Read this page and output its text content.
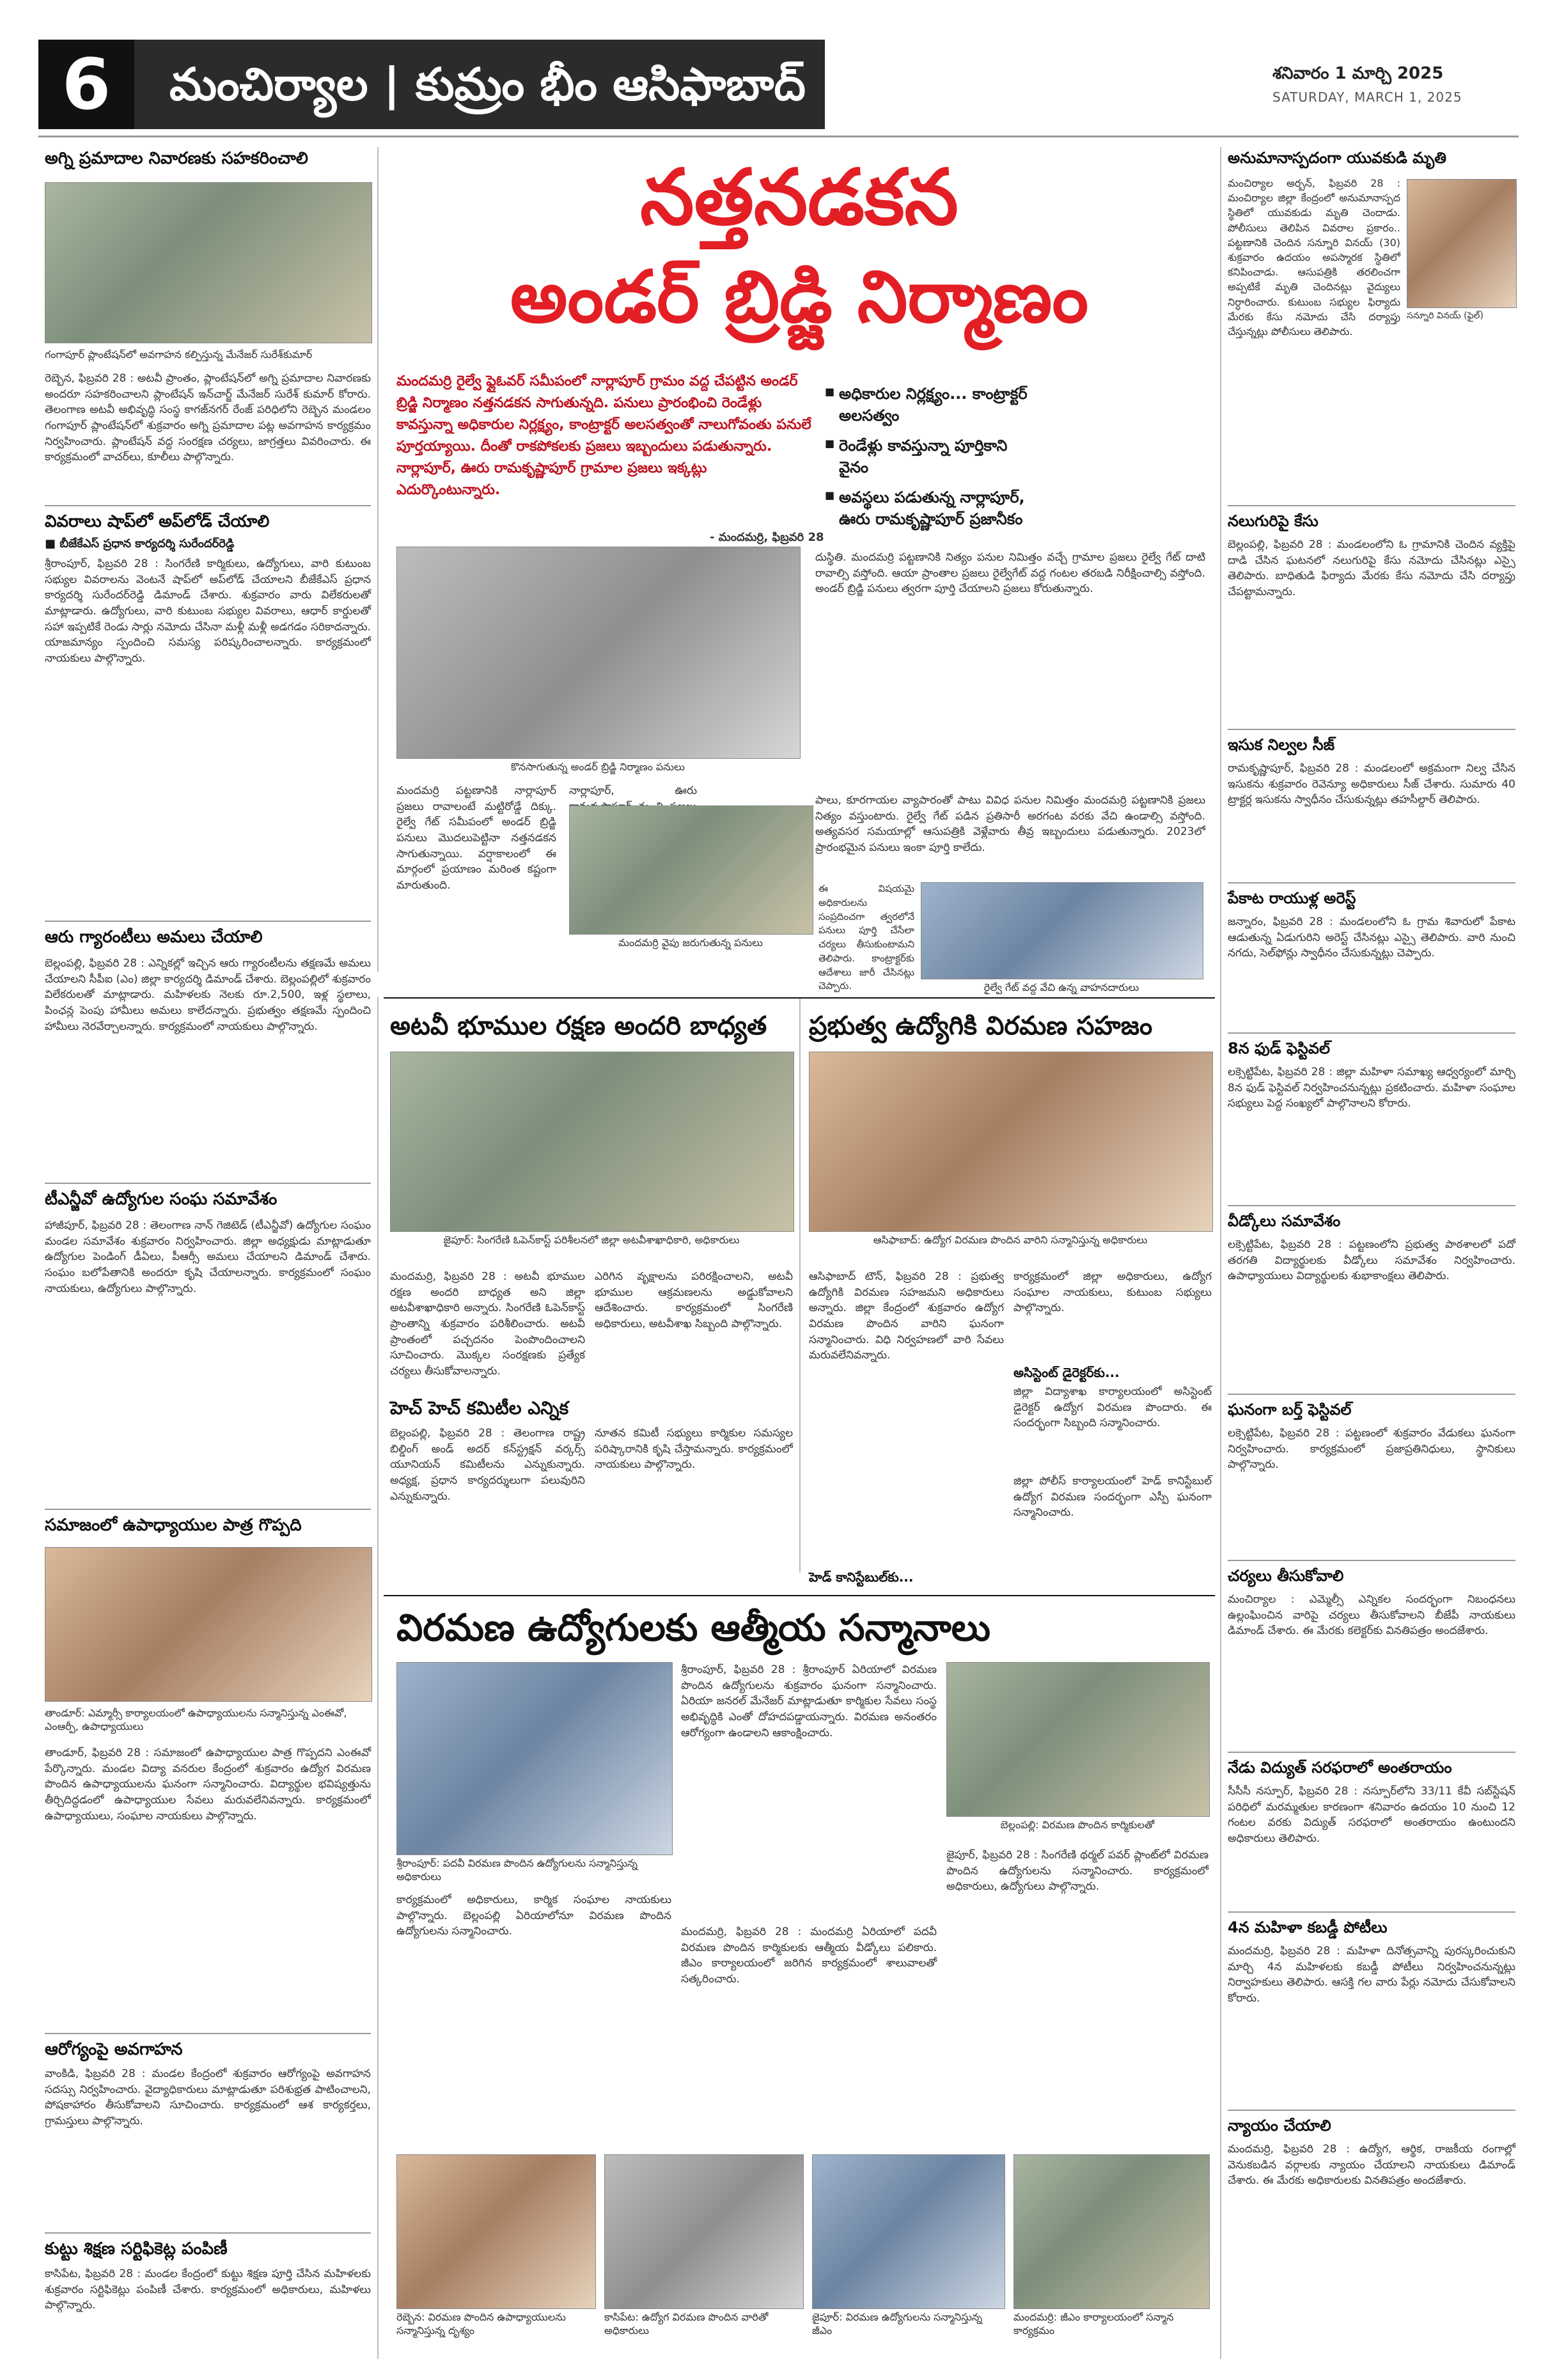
6	మంచిర్యాల | కుమ్రం భీం ఆసిఫాబాద్	శనివారం 1 మార్చి 2025
SATURDAY, MARCH 1, 2025
అగ్ని ప్రమాదాల నివారణకు సహకరించాలి
గంగాపూర్ ప్లాంటేషన్‌లో అవగాహన కల్పిస్తున్న మేనేజర్ సురేశ్‌కుమార్
రెబ్బెన, ఫిబ్రవరి 28 : అటవీ ప్రాంతం, ప్లాంటేషన్‌లో అగ్ని ప్రమాదాల నివారణకు అందరూ సహకరించాలని ప్లాంటేషన్ ఇన్‌చార్జ్ మేనేజర్ సురేశ్ కుమార్ కోరారు. తెలంగాణ అటవీ అభివృద్ధి సంస్థ కాగజ్‌నగర్ రేంజ్ పరిధిలోని రెబ్బెన మండలం గంగాపూర్ ప్లాంటేషన్‌లో శుక్రవారం అగ్ని ప్రమాదాల పట్ల అవగాహన కార్యక్రమం నిర్వహించారు. ప్లాంటేషన్ వద్ద సంరక్షణ చర్యలు, జాగ్రత్తలు వివరించారు. ఈ కార్యక్రమంలో వాచర్‌లు, కూలీలు పాల్గొన్నారు.
వివరాలు షాప్‌లో అప్‌లోడ్ చేయాలి
■ బీజేకేఎస్ ప్రధాన కార్యదర్శి సురేందర్‌రెడ్డి
శ్రీరాంపూర్, ఫిబ్రవరి 28 : సింగరేణి కార్మికులు, ఉద్యోగులు, వారి కుటుంబ సభ్యుల వివరాలను వెంటనే షాప్‌లో అప్‌లోడ్ చేయాలని బీజేకేఎస్ ప్రధాన కార్యదర్శి సురేందర్‌రెడ్డి డిమాండ్ చేశారు. శుక్రవారం వారు విలేకరులతో మాట్లాడారు. ఉద్యోగులు, వారి కుటుంబ సభ్యుల వివరాలు, ఆధార్ కార్డులతో సహా ఇప్పటికే రెండు సార్లు నమోదు చేసినా మళ్లీ మళ్లీ అడగడం సరికాదన్నారు. యాజమాన్యం స్పందించి సమస్య పరిష్కరించాలన్నారు. కార్యక్రమంలో నాయకులు పాల్గొన్నారు.
ఆరు గ్యారంటీలు అమలు చేయాలి
బెల్లంపల్లి, ఫిబ్రవరి 28 : ఎన్నికల్లో ఇచ్చిన ఆరు గ్యారంటీలను తక్షణమే అమలు చేయాలని సీపీఐ (ఎం) జిల్లా కార్యదర్శి డిమాండ్ చేశారు. బెల్లంపల్లిలో శుక్రవారం విలేకరులతో మాట్లాడారు. మహిళలకు నెలకు రూ.2,500, ఇళ్ల స్థలాలు, పింఛన్ల పెంపు హామీలు అమలు కాలేదన్నారు. ప్రభుత్వం తక్షణమే స్పందించి హామీలు నెరవేర్చాలన్నారు. కార్యక్రమంలో నాయకులు పాల్గొన్నారు.
టీఎన్జీవో ఉద్యోగుల సంఘ సమావేశం
హాజీపూర్, ఫిబ్రవరి 28 : తెలంగాణ నాన్ గెజిటెడ్ (టీఎన్జీవో) ఉద్యోగుల సంఘం మండల సమావేశం శుక్రవారం నిర్వహించారు. జిల్లా అధ్యక్షుడు మాట్లాడుతూ ఉద్యోగుల పెండింగ్ డీఏలు, పీఆర్సీ అమలు చేయాలని డిమాండ్ చేశారు. సంఘం బలోపేతానికి అందరూ కృషి చేయాలన్నారు. కార్యక్రమంలో సంఘం నాయకులు, ఉద్యోగులు పాల్గొన్నారు.
సమాజంలో ఉపాధ్యాయుల పాత్ర గొప్పది
తాండూర్: ఎమ్మార్సీ కార్యాలయంలో ఉపాధ్యాయులను సన్మానిస్తున్న ఎంఈవో, ఎంఆర్పీ, ఉపాధ్యాయులు
తాండూర్, ఫిబ్రవరి 28 : సమాజంలో ఉపాధ్యాయుల పాత్ర గొప్పదని ఎంఈవో పేర్కొన్నారు. మండల విద్యా వనరుల కేంద్రంలో శుక్రవారం ఉద్యోగ విరమణ పొందిన ఉపాధ్యాయులను ఘనంగా సన్మానించారు. విద్యార్థుల భవిష్యత్తును తీర్చిదిద్దడంలో ఉపాధ్యాయుల సేవలు మరువలేనివన్నారు. కార్యక్రమంలో ఉపాధ్యాయులు, సంఘాల నాయకులు పాల్గొన్నారు.
ఆరోగ్యంపై అవగాహన
వాంకిడి, ఫిబ్రవరి 28 : మండల కేంద్రంలో శుక్రవారం ఆరోగ్యంపై అవగాహన సదస్సు నిర్వహించారు. వైద్యాధికారులు మాట్లాడుతూ పరిశుభ్రత పాటించాలని, పోషకాహారం తీసుకోవాలని సూచించారు. కార్యక్రమంలో ఆశ కార్యకర్తలు, గ్రామస్తులు పాల్గొన్నారు.
కుట్టు శిక్షణ సర్టిఫికెట్ల పంపిణీ
కాసిపేట, ఫిబ్రవరి 28 : మండల కేంద్రంలో కుట్టు శిక్షణ పూర్తి చేసిన మహిళలకు శుక్రవారం సర్టిఫికెట్లు పంపిణీ చేశారు. కార్యక్రమంలో అధికారులు, మహిళలు పాల్గొన్నారు.
నత్తనడకన
అండర్ బ్రిడ్జి నిర్మాణం
మందమర్రి రైల్వే ఫ్లైఓవర్ సమీపంలో నార్లాపూర్ గ్రామం వద్ద చేపట్టిన అండర్ బ్రిడ్జి నిర్మాణం నత్తనడకన సాగుతున్నది. పనులు ప్రారంభించి రెండేళ్లు కావస్తున్నా అధికారుల నిర్లక్ష్యం, కాంట్రాక్టర్ అలసత్వంతో నాలుగోవంతు పనులే పూర్తయ్యాయి. దీంతో రాకపోకలకు ప్రజలు ఇబ్బందులు పడుతున్నారు. నార్లాపూర్, ఊరు రామకృష్ణాపూర్ గ్రామాల ప్రజలు ఇక్కట్లు ఎదుర్కొంటున్నారు.
- మందమర్రి, ఫిబ్రవరి 28
■ అధికారుల నిర్లక్ష్యం... కాంట్రాక్టర్ అలసత్వం
■ రెండేళ్లు కావస్తున్నా పూర్తికాని వైనం
■ అవస్థలు పడుతున్న నార్లాపూర్, ఊరు రామకృష్ణాపూర్ ప్రజానీకం
కొనసాగుతున్న అండర్ బ్రిడ్జి నిర్మాణం పనులు
దుస్థితి. మందమర్రి పట్టణానికి నిత్యం పనుల నిమిత్తం వచ్చే గ్రామాల ప్రజలు రైల్వే గేట్ దాటి రావాల్సి వస్తోంది. ఆయా ప్రాంతాల ప్రజలు రైల్వేగేట్ వద్ద గంటల తరబడి నిరీక్షించాల్సి వస్తోంది. అండర్ బ్రిడ్జి పనులు త్వరగా పూర్తి చేయాలని ప్రజలు కోరుతున్నారు.
పాలు, కూరగాయల వ్యాపారంతో పాటు వివిధ పనుల నిమిత్తం మందమర్రి పట్టణానికి ప్రజలు నిత్యం వస్తుంటారు. రైల్వే గేట్ పడిన ప్రతిసారీ అరగంట వరకు వేచి ఉండాల్సి వస్తోంది. అత్యవసర సమయాల్లో ఆసుపత్రికి వెళ్లేవారు తీవ్ర ఇబ్బందులు పడుతున్నారు. 2023లో ప్రారంభమైన పనులు ఇంకా పూర్తి కాలేదు.
మందమర్రి పట్టణానికి నార్లాపూర్ ప్రజలు రావాలంటే మట్టిరోడ్డే దిక్కు. రైల్వే గేట్ సమీపంలో అండర్ బ్రిడ్జి పనులు మొదలుపెట్టినా నత్తనడకన సాగుతున్నాయి. వర్షాకాలంలో ఈ మార్గంలో ప్రయాణం మరింత కష్టంగా మారుతుంది.
నార్లాపూర్, ఊరు
మందమర్రి వైపు జరుగుతున్న పనులు
రైల్వే గేట్ వద్ద వేచి ఉన్న వాహనదారులు
ఈ విషయమై అధికారులను సంప్రదించగా త్వరలోనే పనులు పూర్తి చేసేలా చర్యలు తీసుకుంటామని తెలిపారు. కాంట్రాక్టర్‌కు ఆదేశాలు జారీ చేసినట్లు చెప్పారు.
అటవీ భూముల రక్షణ అందరి బాధ్యత
జైపూర్: సింగరేణి ఓపెన్‌కాస్ట్ పరిశీలనలో జిల్లా అటవీశాఖాధికారి, అధికారులు
మందమర్రి, ఫిబ్రవరి 28 : అటవీ భూముల రక్షణ అందరి బాధ్యత అని జిల్లా అటవీశాఖాధికారి అన్నారు. సింగరేణి ఓపెన్‌కాస్ట్ ప్రాంతాన్ని శుక్రవారం పరిశీలించారు. అటవీ ప్రాంతంలో పచ్చదనం పెంపొందించాలని సూచించారు. మొక్కల సంరక్షణకు ప్రత్యేక చర్యలు తీసుకోవాలన్నారు.
ఎరిగిన వృక్షాలను పరిరక్షించాలని, అటవీ భూముల ఆక్రమణలను అడ్డుకోవాలని ఆదేశించారు. కార్యక్రమంలో సింగరేణి అధికారులు, అటవీశాఖ సిబ్బంది పాల్గొన్నారు.
హెచ్ హెచ్ కమిటీల ఎన్నిక
బెల్లంపల్లి, ఫిబ్రవరి 28 : తెలంగాణ రాష్ట్ర బిల్డింగ్ అండ్ అదర్ కన్‌స్ట్రక్షన్ వర్కర్స్ యూనియన్ కమిటీలను ఎన్నుకున్నారు. అధ్యక్ష, ప్రధాన కార్యదర్శులుగా పలువురిని ఎన్నుకున్నారు.
నూతన కమిటీ సభ్యులు కార్మికుల సమస్యల పరిష్కారానికి కృషి చేస్తామన్నారు. కార్యక్రమంలో నాయకులు పాల్గొన్నారు.
ప్రభుత్వ ఉద్యోగికి విరమణ సహజం
ఆసిఫాబాద్: ఉద్యోగ విరమణ పొందిన వారిని సన్మానిస్తున్న అధికారులు
ఆసిఫాబాద్ టౌన్, ఫిబ్రవరి 28 : ప్రభుత్వ ఉద్యోగికి విరమణ సహజమని అధికారులు అన్నారు. జిల్లా కేంద్రంలో శుక్రవారం ఉద్యోగ విరమణ పొందిన వారిని ఘనంగా సన్మానించారు. విధి నిర్వహణలో వారి సేవలు మరువలేనివన్నారు.
కార్యక్రమంలో జిల్లా అధికారులు, ఉద్యోగ సంఘాల నాయకులు, కుటుంబ సభ్యులు పాల్గొన్నారు.
అసిస్టెంట్ డైరెక్టర్‌కు...
జిల్లా విద్యాశాఖ కార్యాలయంలో అసిస్టెంట్ డైరెక్టర్ ఉద్యోగ విరమణ పొందారు. ఈ సందర్భంగా సిబ్బంది సన్మానించారు.
హెడ్ కానిస్టేబుల్‌కు...
జిల్లా పోలీస్ కార్యాలయంలో హెడ్ కానిస్టేబుల్ ఉద్యోగ విరమణ సందర్భంగా ఎస్పీ ఘనంగా సన్మానించారు.
విరమణ ఉద్యోగులకు ఆత్మీయ సన్మానాలు
శ్రీరాంపూర్: పదవీ విరమణ పొందిన ఉద్యోగులను సన్మానిస్తున్న అధికారులు
శ్రీరాంపూర్, ఫిబ్రవరి 28 : శ్రీరాంపూర్ ఏరియాలో విరమణ పొందిన ఉద్యోగులను శుక్రవారం ఘనంగా సన్మానించారు. ఏరియా జనరల్ మేనేజర్ మాట్లాడుతూ కార్మికుల సేవలు సంస్థ అభివృద్ధికి ఎంతో దోహదపడ్డాయన్నారు. విరమణ అనంతరం ఆరోగ్యంగా ఉండాలని ఆకాంక్షించారు.
బెల్లంపల్లి: విరమణ పొందిన కార్మికులతో
కార్యక్రమంలో అధికారులు, కార్మిక సంఘాల నాయకులు పాల్గొన్నారు. బెల్లంపల్లి ఏరియాలోనూ విరమణ పొందిన ఉద్యోగులను సన్మానించారు.	మందమర్రి, ఫిబ్రవరి 28 : మందమర్రి ఏరియాలో పదవీ విరమణ పొందిన కార్మికులకు ఆత్మీయ వీడ్కోలు పలికారు. జీఎం కార్యాలయంలో జరిగిన కార్యక్రమంలో శాలువాలతో సత్కరించారు.
జైపూర్, ఫిబ్రవరి 28 : సింగరేణి థర్మల్ పవర్ ప్లాంట్‌లో విరమణ పొందిన ఉద్యోగులను సన్మానించారు. కార్యక్రమంలో అధికారులు, ఉద్యోగులు పాల్గొన్నారు.
రెబ్బెన: విరమణ పొందిన ఉపాధ్యాయులను సన్మానిస్తున్న దృశ్యం
కాసిపేట: ఉద్యోగ విరమణ పొందిన వారితో అధికారులు
జైపూర్: విరమణ ఉద్యోగులను సన్మానిస్తున్న జీఎం
మందమర్రి: జీఎం కార్యాలయంలో సన్మాన కార్యక్రమం
అనుమానాస్పదంగా యువకుడి మృతి
సన్నూరి వినయ్ (ఫైల్)
మంచిర్యాల అర్బన్, ఫిబ్రవరి 28 : మంచిర్యాల జిల్లా కేంద్రంలో అనుమానాస్పద స్థితిలో యువకుడు మృతి చెందాడు. పోలీసులు తెలిపిన వివరాల ప్రకారం.. పట్టణానికి చెందిన సన్నూరి వినయ్ (30) శుక్రవారం ఉదయం అపస్మారక స్థితిలో కనిపించాడు. ఆసుపత్రికి తరలించగా అప్పటికే మృతి చెందినట్లు వైద్యులు నిర్ధారించారు. కుటుంబ సభ్యుల ఫిర్యాదు మేరకు కేసు నమోదు చేసి దర్యాప్తు చేస్తున్నట్లు పోలీసులు తెలిపారు.
నలుగురిపై కేసు
బెల్లంపల్లి, ఫిబ్రవరి 28 : మండలంలోని ఓ గ్రామానికి చెందిన వ్యక్తిపై దాడి చేసిన ఘటనలో నలుగురిపై కేసు నమోదు చేసినట్లు ఎస్సై తెలిపారు. బాధితుడి ఫిర్యాదు మేరకు కేసు నమోదు చేసి దర్యాప్తు చేపట్టామన్నారు.
ఇసుక నిల్వల సీజ్
రామకృష్ణాపూర్, ఫిబ్రవరి 28 : మండలంలో అక్రమంగా నిల్వ చేసిన ఇసుకను శుక్రవారం రెవెన్యూ అధికారులు సీజ్ చేశారు. సుమారు 40 ట్రాక్టర్ల ఇసుకను స్వాధీనం చేసుకున్నట్లు తహసీల్దార్ తెలిపారు.
పేకాట రాయుళ్ల అరెస్ట్
జన్నారం, ఫిబ్రవరి 28 : మండలంలోని ఓ గ్రామ శివారులో పేకాట ఆడుతున్న ఏడుగురిని అరెస్ట్ చేసినట్లు ఎస్సై తెలిపారు. వారి నుంచి నగదు, సెల్‌ఫోన్లు స్వాధీనం చేసుకున్నట్లు చెప్పారు.
8న ఫుడ్ ఫెస్టివల్
లక్సెట్టిపేట, ఫిబ్రవరి 28 : జిల్లా మహిళా సమాఖ్య ఆధ్వర్యంలో మార్చి 8న ఫుడ్ ఫెస్టివల్ నిర్వహించనున్నట్లు ప్రకటించారు. మహిళా సంఘాల సభ్యులు పెద్ద సంఖ్యలో పాల్గొనాలని కోరారు.
వీడ్కోలు సమావేశం
లక్సెట్టిపేట, ఫిబ్రవరి 28 : పట్టణంలోని ప్రభుత్వ పాఠశాలలో పదో తరగతి విద్యార్థులకు వీడ్కోలు సమావేశం నిర్వహించారు. ఉపాధ్యాయులు విద్యార్థులకు శుభాకాంక్షలు తెలిపారు.
ఘనంగా బర్త్ ఫెస్టివల్
లక్సెట్టిపేట, ఫిబ్రవరి 28 : పట్టణంలో శుక్రవారం వేడుకలు ఘనంగా నిర్వహించారు. కార్యక్రమంలో ప్రజాప్రతినిధులు, స్థానికులు పాల్గొన్నారు.
చర్యలు తీసుకోవాలి
మంచిర్యాల : ఎమ్మెల్సీ ఎన్నికల సందర్భంగా నిబంధనలు ఉల్లంఘించిన వారిపై చర్యలు తీసుకోవాలని బీజేపీ నాయకులు డిమాండ్ చేశారు. ఈ మేరకు కలెక్టర్‌కు వినతిపత్రం అందజేశారు.
నేడు విద్యుత్ సరఫరాలో అంతరాయం
సీసీసీ నస్పూర్, ఫిబ్రవరి 28 : నస్పూర్‌లోని 33/11 కేవీ సబ్‌స్టేషన్ పరిధిలో మరమ్మతుల కారణంగా శనివారం ఉదయం 10 నుంచి 12 గంటల వరకు విద్యుత్ సరఫరాలో అంతరాయం ఉంటుందని అధికారులు తెలిపారు.
4న మహిళా కబడ్డీ పోటీలు
మందమర్రి, ఫిబ్రవరి 28 : మహిళా దినోత్సవాన్ని పురస్కరించుకుని మార్చి 4న మహిళలకు కబడ్డీ పోటీలు నిర్వహించనున్నట్లు నిర్వాహకులు తెలిపారు. ఆసక్తి గల వారు పేర్లు నమోదు చేసుకోవాలని కోరారు.
న్యాయం చేయాలి
మందమర్రి, ఫిబ్రవరి 28 : ఉద్యోగ, ఆర్థిక, రాజకీయ రంగాల్లో వెనుకబడిన వర్గాలకు న్యాయం చేయాలని నాయకులు డిమాండ్ చేశారు. ఈ మేరకు అధికారులకు వినతిపత్రం అందజేశారు.
